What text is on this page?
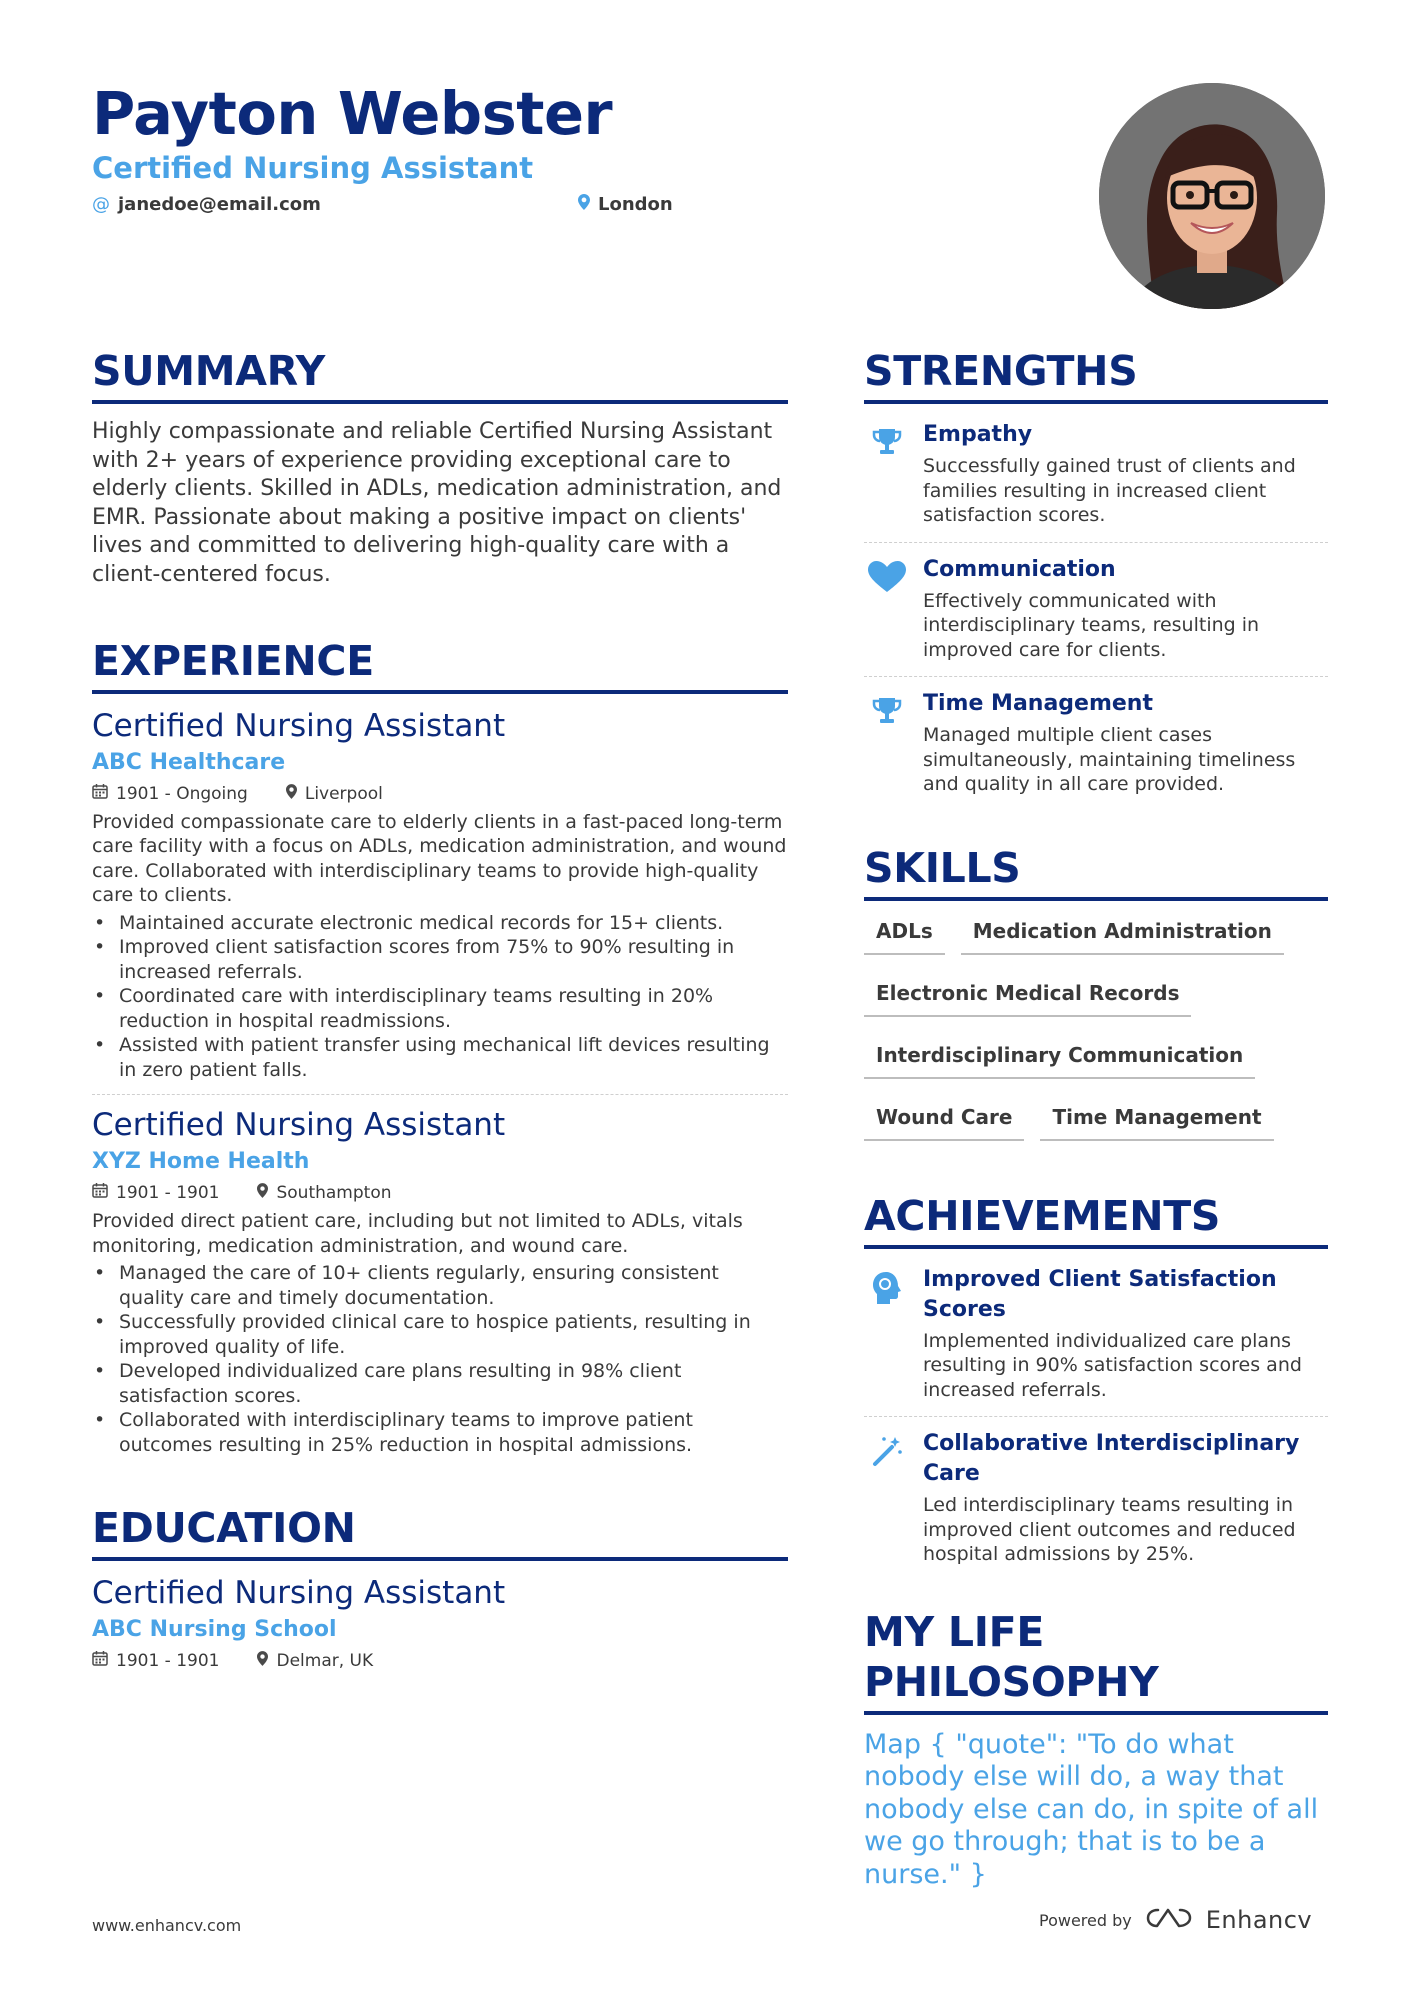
Payton Webster
Certified Nursing Assistant
@ janedoe@email.com	London
SUMMARY
Highly compassionate and reliable Certified Nursing Assistant with 2+ years of experience providing exceptional care to elderly clients. Skilled in ADLs, medication administration, and EMR. Passionate about making a positive impact on clients' lives and committed to delivering high-quality care with a client-centered focus.
EXPERIENCE
Certified Nursing Assistant
ABC Healthcare
1901 - Ongoing	Liverpool
Provided compassionate care to elderly clients in a fast-paced long-term care facility with a focus on ADLs, medication administration, and wound care. Collaborated with interdisciplinary teams to provide high-quality care to clients.
• Maintained accurate electronic medical records for 15+ clients.
• Improved client satisfaction scores from 75% to 90% resulting in increased referrals.
• Coordinated care with interdisciplinary teams resulting in 20% reduction in hospital readmissions.
• Assisted with patient transfer using mechanical lift devices resulting in zero patient falls.
Certified Nursing Assistant
XYZ Home Health
1901 - 1901	Southampton
Provided direct patient care, including but not limited to ADLs, vitals monitoring, medication administration, and wound care.
• Managed the care of 10+ clients regularly, ensuring consistent quality care and timely documentation.
• Successfully provided clinical care to hospice patients, resulting in improved quality of life.
• Developed individualized care plans resulting in 98% client satisfaction scores.
• Collaborated with interdisciplinary teams to improve patient outcomes resulting in 25% reduction in hospital admissions.
EDUCATION
Certified Nursing Assistant
ABC Nursing School
1901 - 1901	Delmar, UK
STRENGTHS
Empathy
Successfully gained trust of clients and families resulting in increased client satisfaction scores.
Communication
Effectively communicated with interdisciplinary teams, resulting in improved care for clients.
Time Management
Managed multiple client cases simultaneously, maintaining timeliness and quality in all care provided.
SKILLS
ADLs	Medication Administration
Electronic Medical Records
Interdisciplinary Communication
Wound Care	Time Management
ACHIEVEMENTS
Improved Client Satisfaction Scores
Implemented individualized care plans resulting in 90% satisfaction scores and increased referrals.
Collaborative Interdisciplinary Care
Led interdisciplinary teams resulting in improved client outcomes and reduced hospital admissions by 25%.
MY LIFE PHILOSOPHY
Map { "quote": "To do what nobody else will do, a way that nobody else can do, in spite of all we go through; that is to be a nurse." }
www.enhancv.com	Powered by	Enhancv
